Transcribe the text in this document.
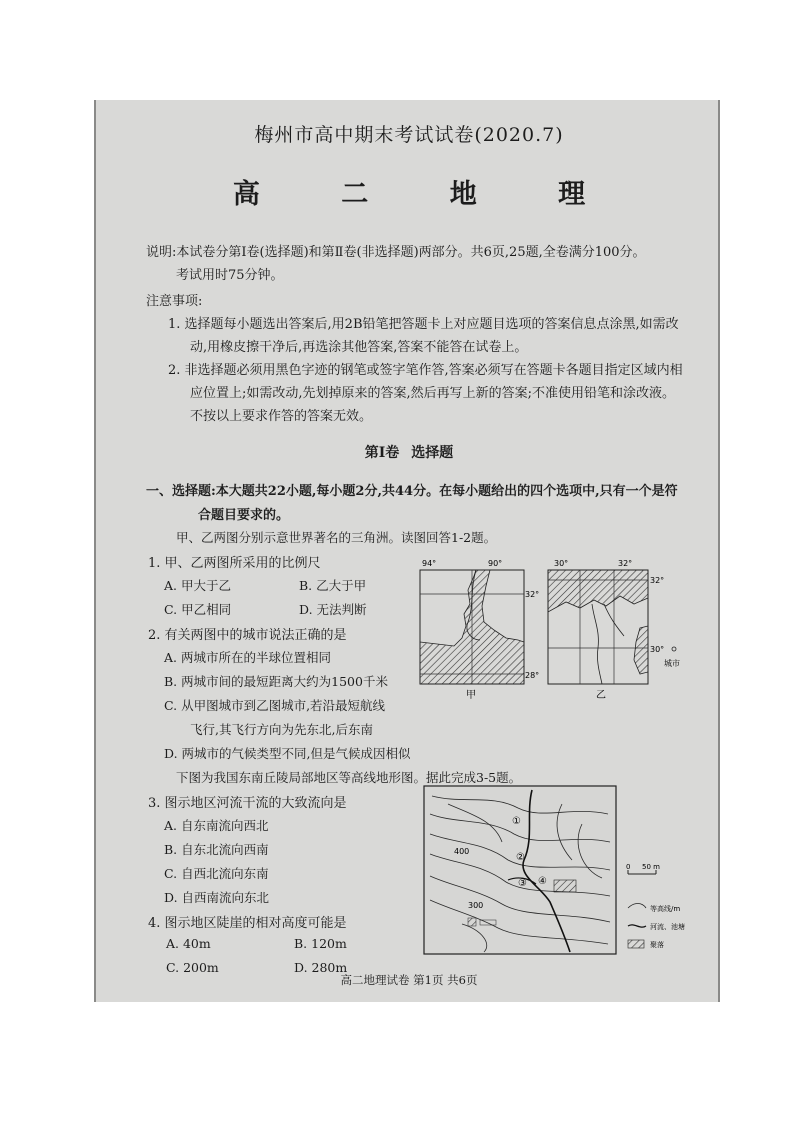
梅州市高中期末考试试卷(2020.7)
高 二 地 理
说明:本试卷分第Ⅰ卷(选择题)和第Ⅱ卷(非选择题)两部分。共6页,25题,全卷满分100分。
考试用时75分钟。
注意事项:
1. 选择题每小题选出答案后,用2B铅笔把答题卡上对应题目选项的答案信息点涂黑,如需改
动,用橡皮擦干净后,再选涂其他答案,答案不能答在试卷上。
2. 非选择题必须用黑色字迹的钢笔或签字笔作答,答案必须写在答题卡各题目指定区域内相
应位置上;如需改动,先划掉原来的答案,然后再写上新的答案;不准使用铅笔和涂改液。
不按以上要求作答的答案无效。
第Ⅰ卷 选择题
一、选择题:本大题共22小题,每小题2分,共44分。在每小题给出的四个选项中,只有一个是符
合题目要求的。
甲、乙两图分别示意世界著名的三角洲。读图回答1-2题。
1. 甲、乙两图所采用的比例尺
A. 甲大于乙	B. 乙大于甲
C. 甲乙相同	D. 无法判断
2. 有关两图中的城市说法正确的是
A. 两城市所在的半球位置相同
B. 两城市间的最短距离大约为1500千米
C. 从甲图城市到乙图城市,若沿最短航线
飞行,其飞行方向为先东北,后东南
D. 两城市的气候类型不同,但是气候成因相似
下图为我国东南丘陵局部地区等高线地形图。据此完成3-5题。
3. 图示地区河流干流的大致流向是
A. 自东南流向西北
B. 自东北流向西南
C. 自西北流向东南
D. 自西南流向东北
4. 图示地区陡崖的相对高度可能是
A. 40m	B. 120m
C. 200m	D. 280m
94°	90°
32°
28°
甲
30°	32°
32°
30°
城市
乙
400
300
①
②
③ ④
0 50 m
等高线/m
河流、池塘
聚落
高二地理试卷 第1页 共6页
